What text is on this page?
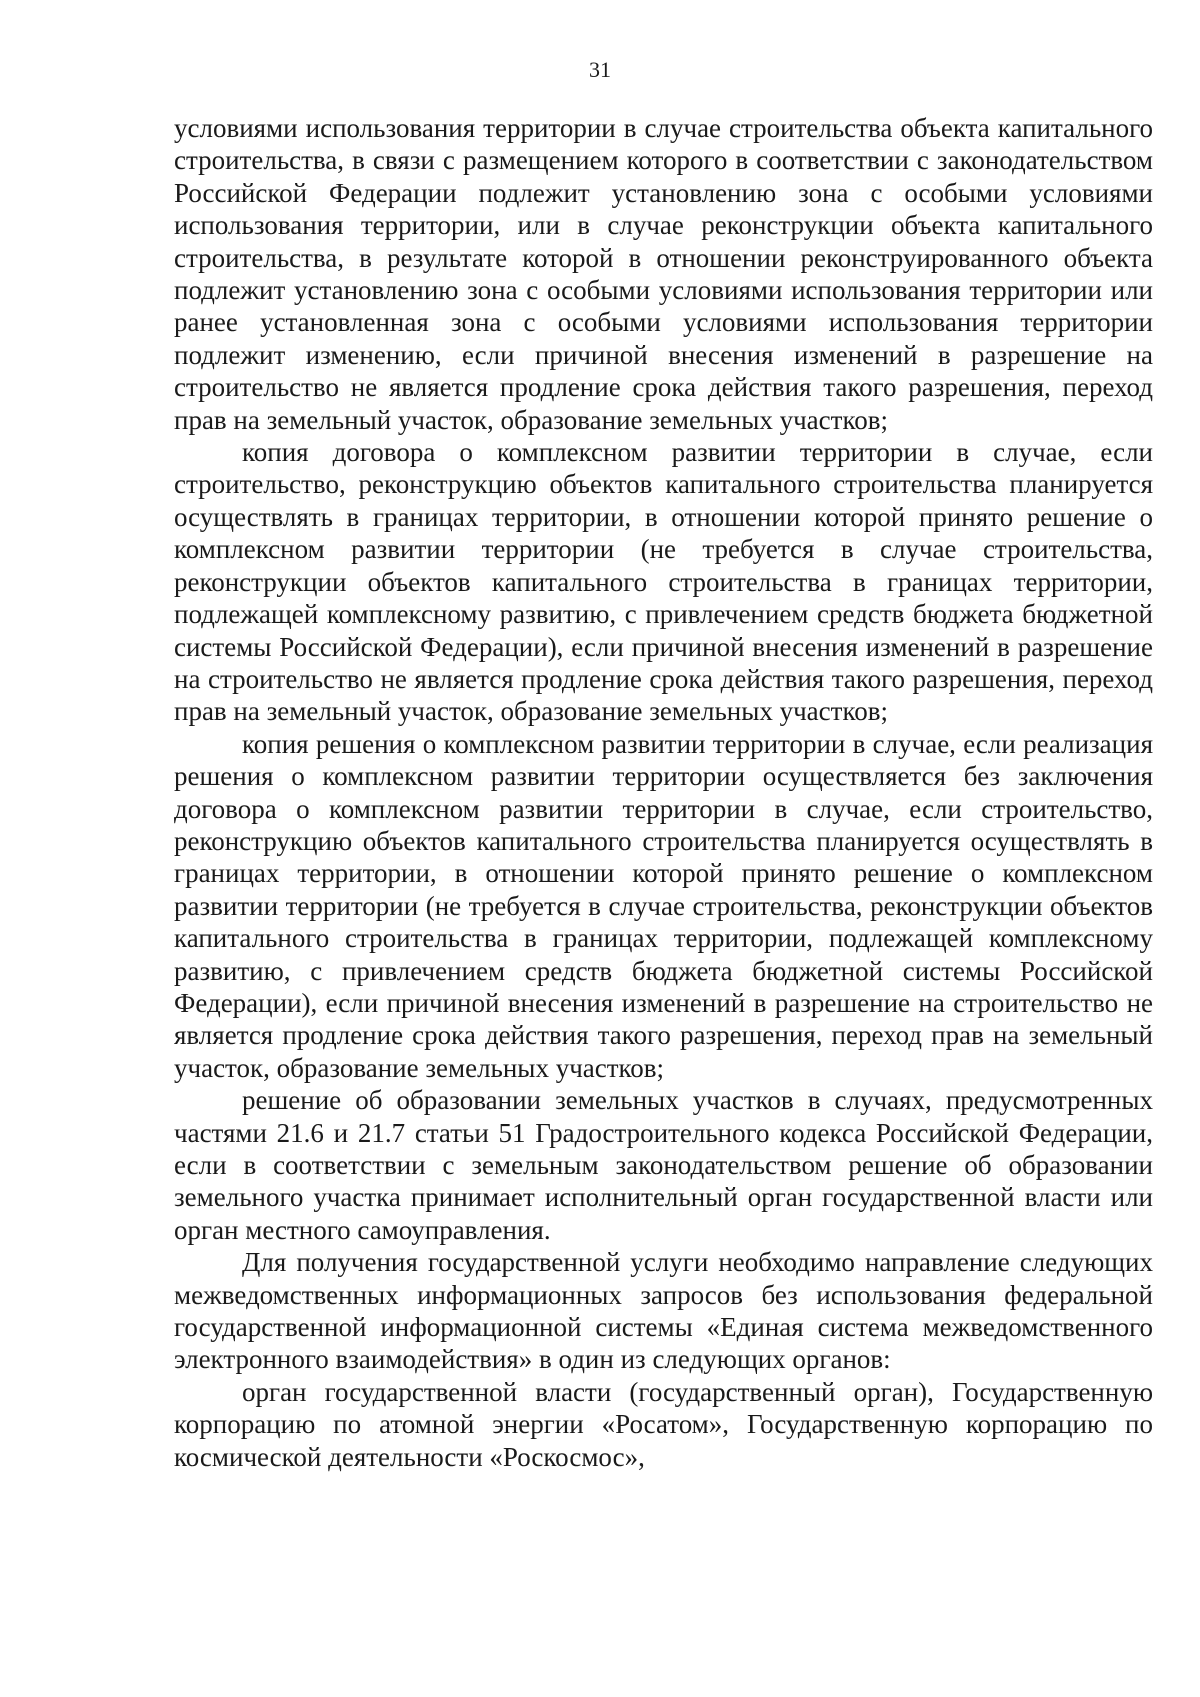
31

условиями использования территории в случае строительства объекта капитального строительства, в связи с размещением которого в соответствии с законодательством Российской Федерации подлежит установлению зона с особыми условиями использования территории, или в случае реконструкции объекта капитального строительства, в результате которой в отношении реконструированного объекта подлежит установлению зона с особыми условиями использования территории или ранее установленная зона с особыми условиями использования территории подлежит изменению, если причиной внесения изменений в разрешение на строительство не является продление срока действия такого разрешения, переход прав на земельный участок, образование земельных участков;

копия договора о комплексном развитии территории в случае, если строительство, реконструкцию объектов капитального строительства планируется осуществлять в границах территории, в отношении которой принято решение о комплексном развитии территории (не требуется в случае строительства, реконструкции объектов капитального строительства в границах территории, подлежащей комплексному развитию, с привлечением средств бюджета бюджетной системы Российской Федерации), если причиной внесения изменений в разрешение на строительство не является продление срока действия такого разрешения, переход прав на земельный участок, образование земельных участков;

копия решения о комплексном развитии территории в случае, если реализация решения о комплексном развитии территории осуществляется без заключения договора о комплексном развитии территории в случае, если строительство, реконструкцию объектов капитального строительства планируется осуществлять в границах территории, в отношении которой принято решение о комплексном развитии территории (не требуется в случае строительства, реконструкции объектов капитального строительства в границах территории, подлежащей комплексному развитию, с привлечением средств бюджета бюджетной системы Российской Федерации), если причиной внесения изменений в разрешение на строительство не является продление срока действия такого разрешения, переход прав на земельный участок, образование земельных участков;

решение об образовании земельных участков в случаях, предусмотренных частями 21.6 и 21.7 статьи 51 Градостроительного кодекса Российской Федерации, если в соответствии с земельным законодательством решение об образовании земельного участка принимает исполнительный орган государственной власти или орган местного самоуправления.

Для получения государственной услуги необходимо направление следующих межведомственных информационных запросов без использования федеральной государственной информационной системы «Единая система межведомственного электронного взаимодействия» в один из следующих органов:

орган государственной власти (государственный орган), Государственную корпорацию по атомной энергии «Росатом», Государственную корпорацию по космической деятельности «Роскосмос»,
